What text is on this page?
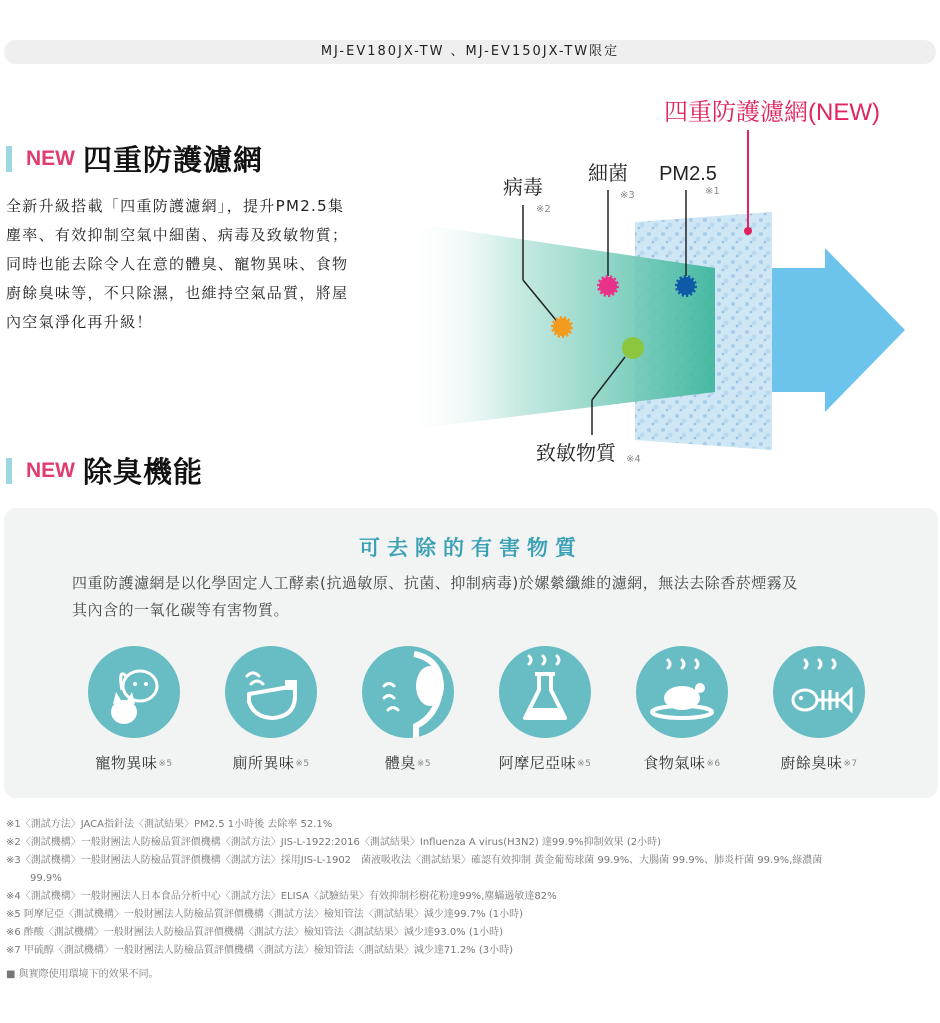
MJ-EV180JX-TW 、MJ-EV150JX-TW限定
NEW 四重防護濾網
全新升級搭載「四重防護濾網」，提升PM2.5集
塵率、有效抑制空氣中細菌、病毒及致敏物質；
同時也能去除令人在意的體臭、寵物異味、食物
廚餘臭味等，不只除濕，也維持空氣品質，將屋
內空氣淨化再升級！
四重防護濾網(NEW)
病毒
※2
細菌
※3
PM2.5
※1
致敏物質 ※4
NEW 除臭機能
可去除的有害物質
四重防護濾網是以化學固定人工酵素(抗過敏原、抗菌、抑制病毒)於嫘縈纖維的濾網，無法去除香菸煙霧及
其內含的一氧化碳等有害物質。
寵物異味$^{※5}$	廁所異味$^{※5}$	體臭$^{※5}$	阿摩尼亞味$^{※5}$	食物氣味$^{※6}$	廚餘臭味$^{※7}$
※1〈測試方法〉JACA指針法〈測試結果〉PM2.5 1小時後 去除率 52.1%
※2〈測試機構〉一般財團法人防檢品質評價機構〈測試方法〉JIS-L-1922:2016〈測試結果〉Influenza A virus(H3N2) 達99.9%抑制效果 (2小時)
※3〈測試機構〉一般財團法人防檢品質評價機構〈測試方法〉採用JIS-L-1902　菌液吸收法〈測試結果〉確認有效抑制 黃金葡萄球菌 99.9%、大腸菌 99.9%、肺炎杆菌 99.9%,綠濃菌
99.9%
※4〈測試機構〉一般財團法人日本食品分析中心〈測試方法〉ELISA〈試驗結果〉有效抑制杉樹花粉達99%,塵蟎過敏達82%
※5 阿摩尼亞〈測試機構〉一般財團法人防檢品質評價機構〈測試方法〉檢知管法〈測試結果〉減少達99.7% (1小時)
※6 酢酸〈測試機構〉一般財團法人防檢品質評價機構〈測試方法〉檢知管法〈測試結果〉減少達93.0% (1小時)
※7 甲硫醇〈測試機構〉一般財團法人防檢品質評價機構〈測試方法〉檢知管法〈測試結果〉減少達71.2% (3小時)
■ 與實際使用環境下的效果不同。
